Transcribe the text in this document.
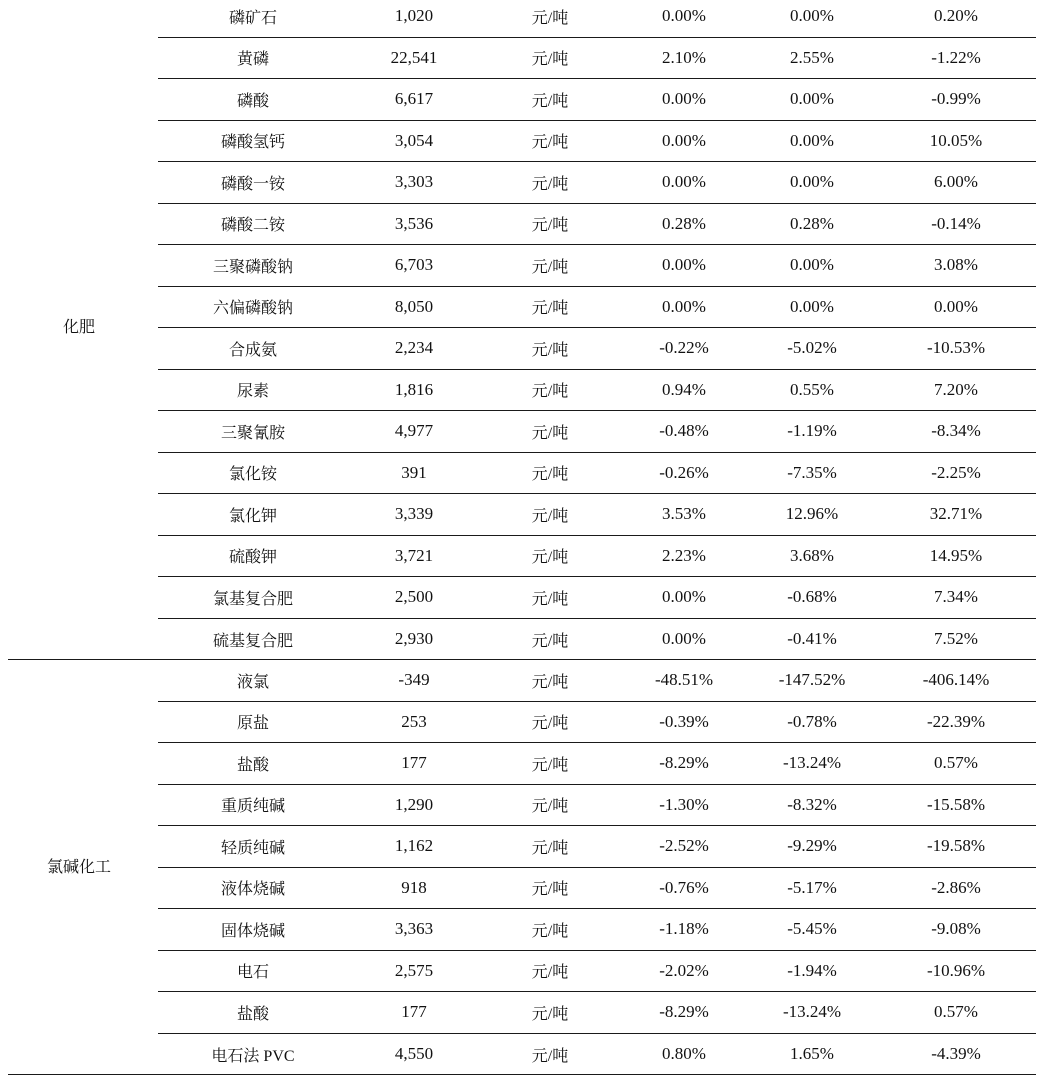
化肥
磷矿石	1,020	元/吨	0.00%	0.00%	0.20%
黄磷	22,541	元/吨	2.10%	2.55%	-1.22%
磷酸	6,617	元/吨	0.00%	0.00%	-0.99%
磷酸氢钙	3,054	元/吨	0.00%	0.00%	10.05%
磷酸一铵	3,303	元/吨	0.00%	0.00%	6.00%
磷酸二铵	3,536	元/吨	0.28%	0.28%	-0.14%
三聚磷酸钠	6,703	元/吨	0.00%	0.00%	3.08%
六偏磷酸钠	8,050	元/吨	0.00%	0.00%	0.00%
合成氨	2,234	元/吨	-0.22%	-5.02%	-10.53%
尿素	1,816	元/吨	0.94%	0.55%	7.20%
三聚氰胺	4,977	元/吨	-0.48%	-1.19%	-8.34%
氯化铵	391	元/吨	-0.26%	-7.35%	-2.25%
氯化钾	3,339	元/吨	3.53%	12.96%	32.71%
硫酸钾	3,721	元/吨	2.23%	3.68%	14.95%
氯基复合肥	2,500	元/吨	0.00%	-0.68%	7.34%
硫基复合肥	2,930	元/吨	0.00%	-0.41%	7.52%
氯碱化工
液氯	-349	元/吨	-48.51%	-147.52%	-406.14%
原盐	253	元/吨	-0.39%	-0.78%	-22.39%
盐酸	177	元/吨	-8.29%	-13.24%	0.57%
重质纯碱	1,290	元/吨	-1.30%	-8.32%	-15.58%
轻质纯碱	1,162	元/吨	-2.52%	-9.29%	-19.58%
液体烧碱	918	元/吨	-0.76%	-5.17%	-2.86%
固体烧碱	3,363	元/吨	-1.18%	-5.45%	-9.08%
电石	2,575	元/吨	-2.02%	-1.94%	-10.96%
盐酸	177	元/吨	-8.29%	-13.24%	0.57%
电石法 PVC	4,550	元/吨	0.80%	1.65%	-4.39%
